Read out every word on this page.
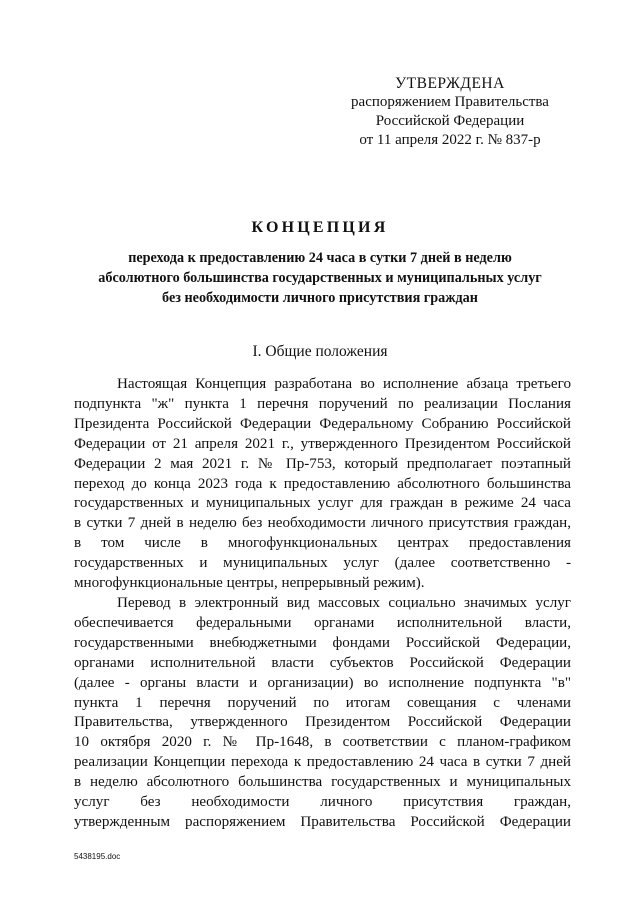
УТВЕРЖДЕНА
распоряжением Правительства
Российской Федерации
от 11 апреля 2022 г. № 837-р
КОНЦЕПЦИЯ
перехода к предоставлению 24 часа в сутки 7 дней в неделю
абсолютного большинства государственных и муниципальных услуг
без необходимости личного присутствия граждан
I. Общие положения
Настоящая Концепция разработана во исполнение абзаца третьего
подпункта "ж" пункта 1 перечня поручений по реализации Послания
Президента Российской Федерации Федеральному Собранию Российской
Федерации от 21 апреля 2021 г., утвержденного Президентом Российской
Федерации 2 мая 2021 г. № Пр-753, который предполагает поэтапный
переход до конца 2023 года к предоставлению абсолютного большинства
государственных и муниципальных услуг для граждан в режиме 24 часа
в сутки 7 дней в неделю без необходимости личного присутствия граждан,
в том числе в многофункциональных центрах предоставления
государственных и муниципальных услуг (далее соответственно -
многофункциональные центры, непрерывный режим).
Перевод в электронный вид массовых социально значимых услуг
обеспечивается федеральными органами исполнительной власти,
государственными внебюджетными фондами Российской Федерации,
органами исполнительной власти субъектов Российской Федерации
(далее - органы власти и организации) во исполнение подпункта "в"
пункта 1 перечня поручений по итогам совещания с членами
Правительства, утвержденного Президентом Российской Федерации
10 октября 2020 г. № Пр-1648, в соответствии с планом-графиком
реализации Концепции перехода к предоставлению 24 часа в сутки 7 дней
в неделю абсолютного большинства государственных и муниципальных
услуг без необходимости личного присутствия граждан,
утвержденным распоряжением Правительства Российской Федерации
5438195.doc
